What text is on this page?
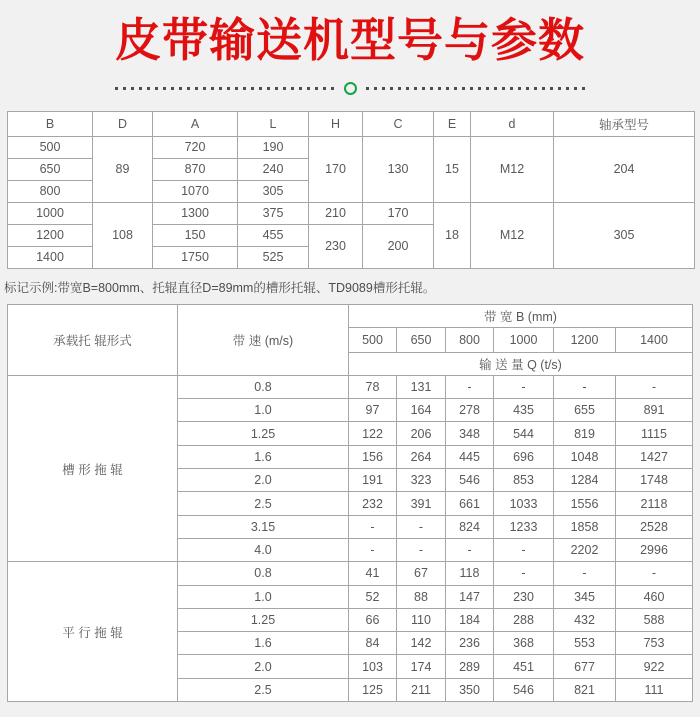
皮带输送机型号与参数
B	D	A	L	H	C	E	d	轴承型号
500	89	720	190	170	130	15	M12	204
650		870	240					
800		1070	305					
1000	108	1300	375	210	170	18	M12	305
1200		150	455	230	200			
1400		1750	525					

标记示例:带宽B=800mm、托辊直径D=89mm的槽形托辊、TD9089槽形托辊。

承载托 辊形式	带 速 (m/s)	带 宽 B (mm)					
		500	650	800	1000	1200	1400
		输 送 量 Q (t/s)					
槽 形 拖 辊	0.8	78	131	-	-	-	-
	1.0	97	164	278	435	655	891
	1.25	122	206	348	544	819	1115
	1.6	156	264	445	696	1048	1427
	2.0	191	323	546	853	1284	1748
	2.5	232	391	661	1033	1556	2118
	3.15	-	-	824	1233	1858	2528
	4.0	-	-	-	-	2202	2996
平 行 拖 辊	0.8	41	67	118	-	-	-
	1.0	52	88	147	230	345	460
	1.25	66	110	184	288	432	588
	1.6	84	142	236	368	553	753
	2.0	103	174	289	451	677	922
	2.5	125	211	350	546	821	111
